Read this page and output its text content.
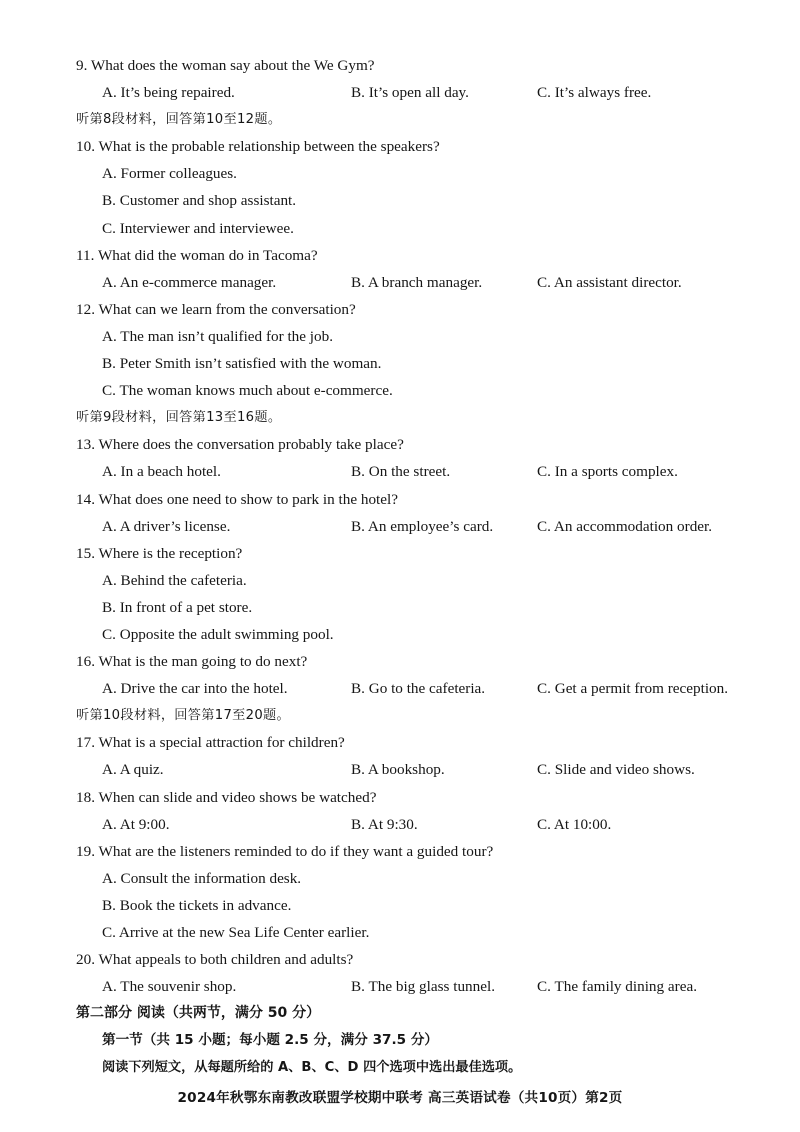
9. What does the woman say about the We Gym?
A. It’s being repaired.	B. It’s open all day.	C. It’s always free.
听第8段材料，回答第10至12题。
10. What is the probable relationship between the speakers?
A. Former colleagues.
B. Customer and shop assistant.
C. Interviewer and interviewee.
11. What did the woman do in Tacoma?
A. An e-commerce manager.	B. A branch manager.	C. An assistant director.
12. What can we learn from the conversation?
A. The man isn’t qualified for the job.
B. Peter Smith isn’t satisfied with the woman.
C. The woman knows much about e-commerce.
听第9段材料，回答第13至16题。
13. Where does the conversation probably take place?
A. In a beach hotel.	B. On the street.	C. In a sports complex.
14. What does one need to show to park in the hotel?
A. A driver’s license.	B. An employee’s card.	C. An accommodation order.
15. Where is the reception?
A. Behind the cafeteria.
B. In front of a pet store.
C. Opposite the adult swimming pool.
16. What is the man going to do next?
A. Drive the car into the hotel.	B. Go to the cafeteria.	C. Get a permit from reception.
听第10段材料，回答第17至20题。
17. What is a special attraction for children?
A. A quiz.	B. A bookshop.	C. Slide and video shows.
18. When can slide and video shows be watched?
A. At 9:00.	B. At 9:30.	C. At 10:00.
19. What are the listeners reminded to do if they want a guided tour?
A. Consult the information desk.
B. Book the tickets in advance.
C. Arrive at the new Sea Life Center earlier.
20. What appeals to both children and adults?
A. The souvenir shop.	B. The big glass tunnel.	C. The family dining area.
第二部分 阅读（共两节，满分 50 分）
第一节（共 15 小题；每小题 2.5 分，满分 37.5 分）
阅读下列短文，从每题所给的 A、B、C、D 四个选项中选出最佳选项。
2024年秋鄂东南教改联盟学校期中联考 高三英语试卷（共10页）第2页
